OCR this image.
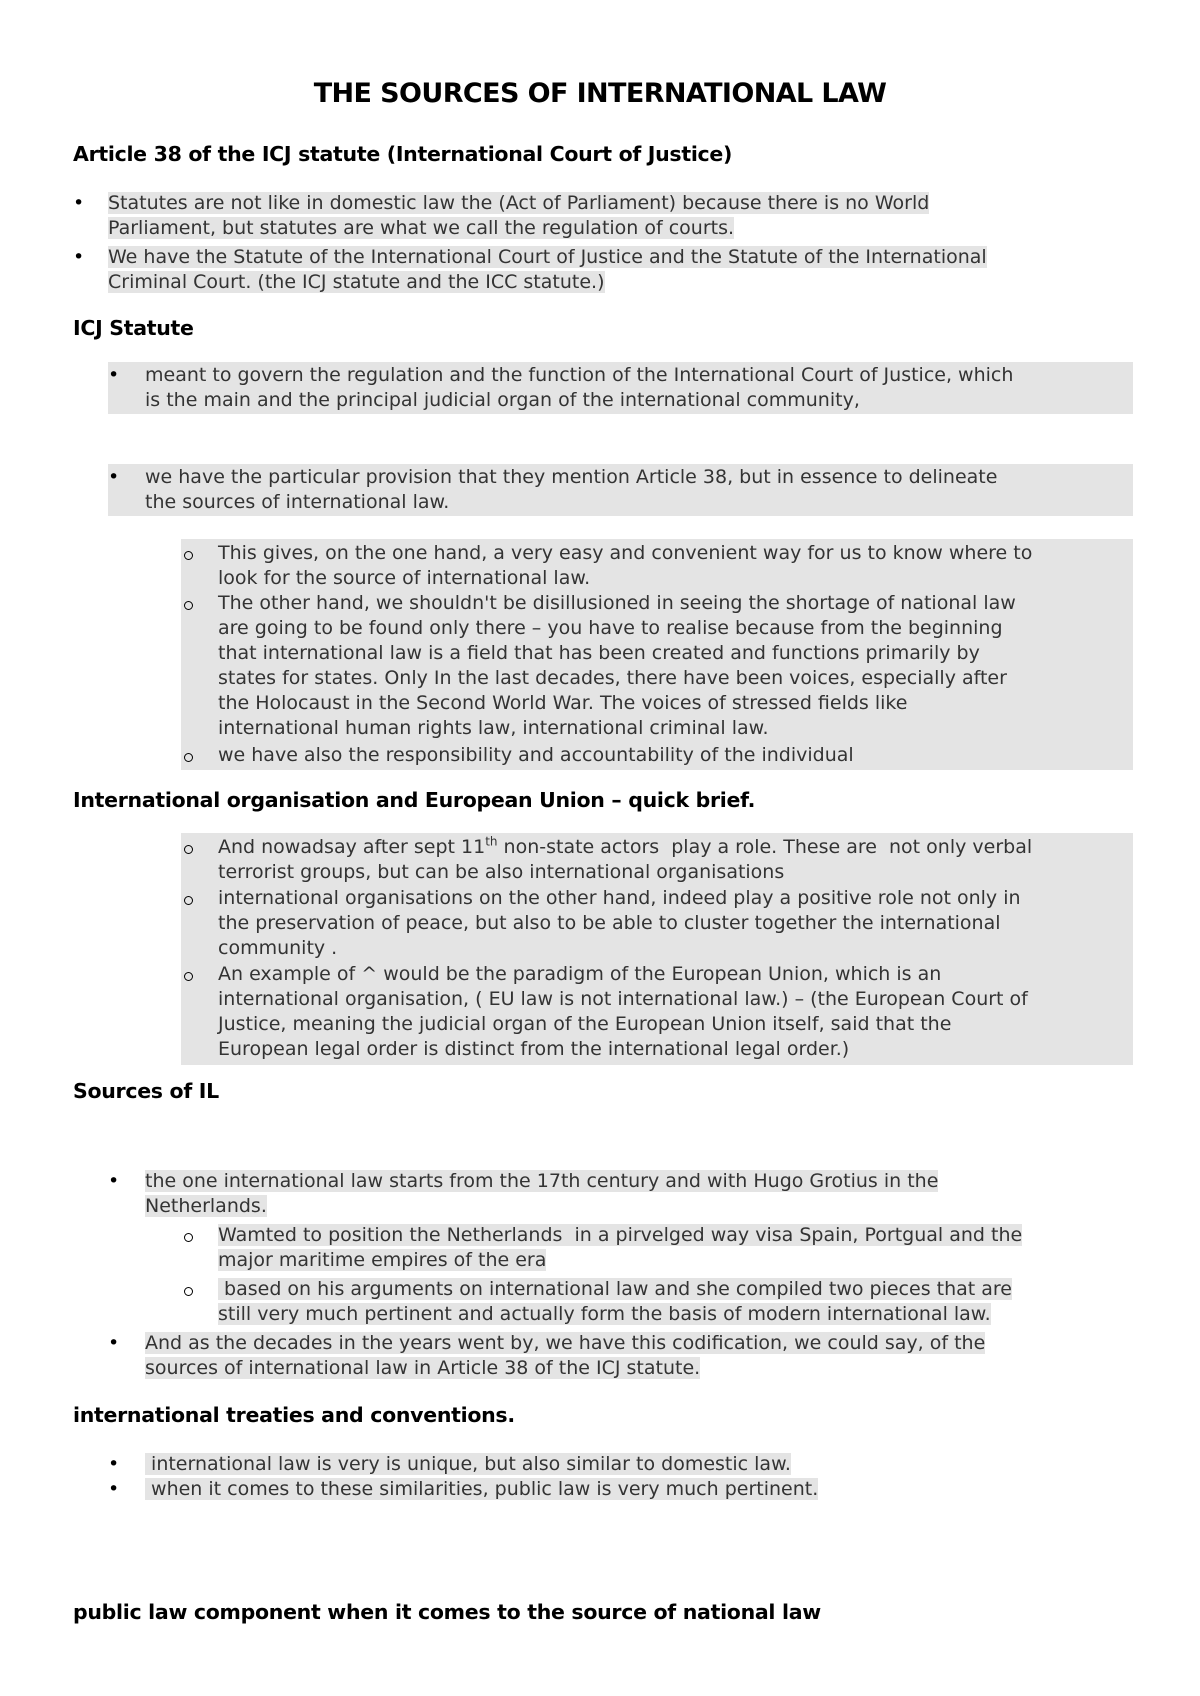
THE SOURCES OF INTERNATIONAL LAW
Article 38 of the ICJ statute (International Court of Justice)
•
Statutes are not like in domestic law the (Act of Parliament) because there is no World
Parliament, but statutes are what we call the regulation of courts.
•
We have the Statute of the International Court of Justice and the Statute of the International
Criminal Court. (the ICJ statute and the ICC statute.)
ICJ Statute
•
meant to govern the regulation and the function of the International Court of Justice, which
is the main and the principal judicial organ of the international community,
•
we have the particular provision that they mention Article 38, but in essence to delineate
the sources of international law.
This gives, on the one hand, a very easy and convenient way for us to know where to
look for the source of international law.
The other hand, we shouldn't be disillusioned in seeing the shortage of national law
are going to be found only there – you have to realise because from the beginning
that international law is a field that has been created and functions primarily by
states for states. Only In the last decades, there have been voices, especially after
the Holocaust in the Second World War. The voices of stressed fields like
international human rights law, international criminal law.
we have also the responsibility and accountability of the individual
International organisation and European Union – quick brief.
And nowadsay after sept 11th non-state actors  play a role. These are  not only verbal
terrorist groups, but can be also international organisations
international organisations on the other hand, indeed play a positive role not only in
the preservation of peace, but also to be able to cluster together the international
community .
An example of ^ would be the paradigm of the European Union, which is an
international organisation, ( EU law is not international law.) – (the European Court of
Justice, meaning the judicial organ of the European Union itself, said that the
European legal order is distinct from the international legal order.)
Sources of IL
•
the one international law starts from the 17th century and with Hugo Grotius in the
Netherlands.
Wamted to position the Netherlands  in a pirvelged way visa Spain, Portgual and the
major maritime empires of the era
based on his arguments on international law and she compiled two pieces that are
still very much pertinent and actually form the basis of modern international law.
•
And as the decades in the years went by, we have this codification, we could say, of the
sources of international law in Article 38 of the ICJ statute.
international treaties and conventions.
•
international law is very is unique, but also similar to domestic law.
•
when it comes to these similarities, public law is very much pertinent.
public law component when it comes to the source of national law
